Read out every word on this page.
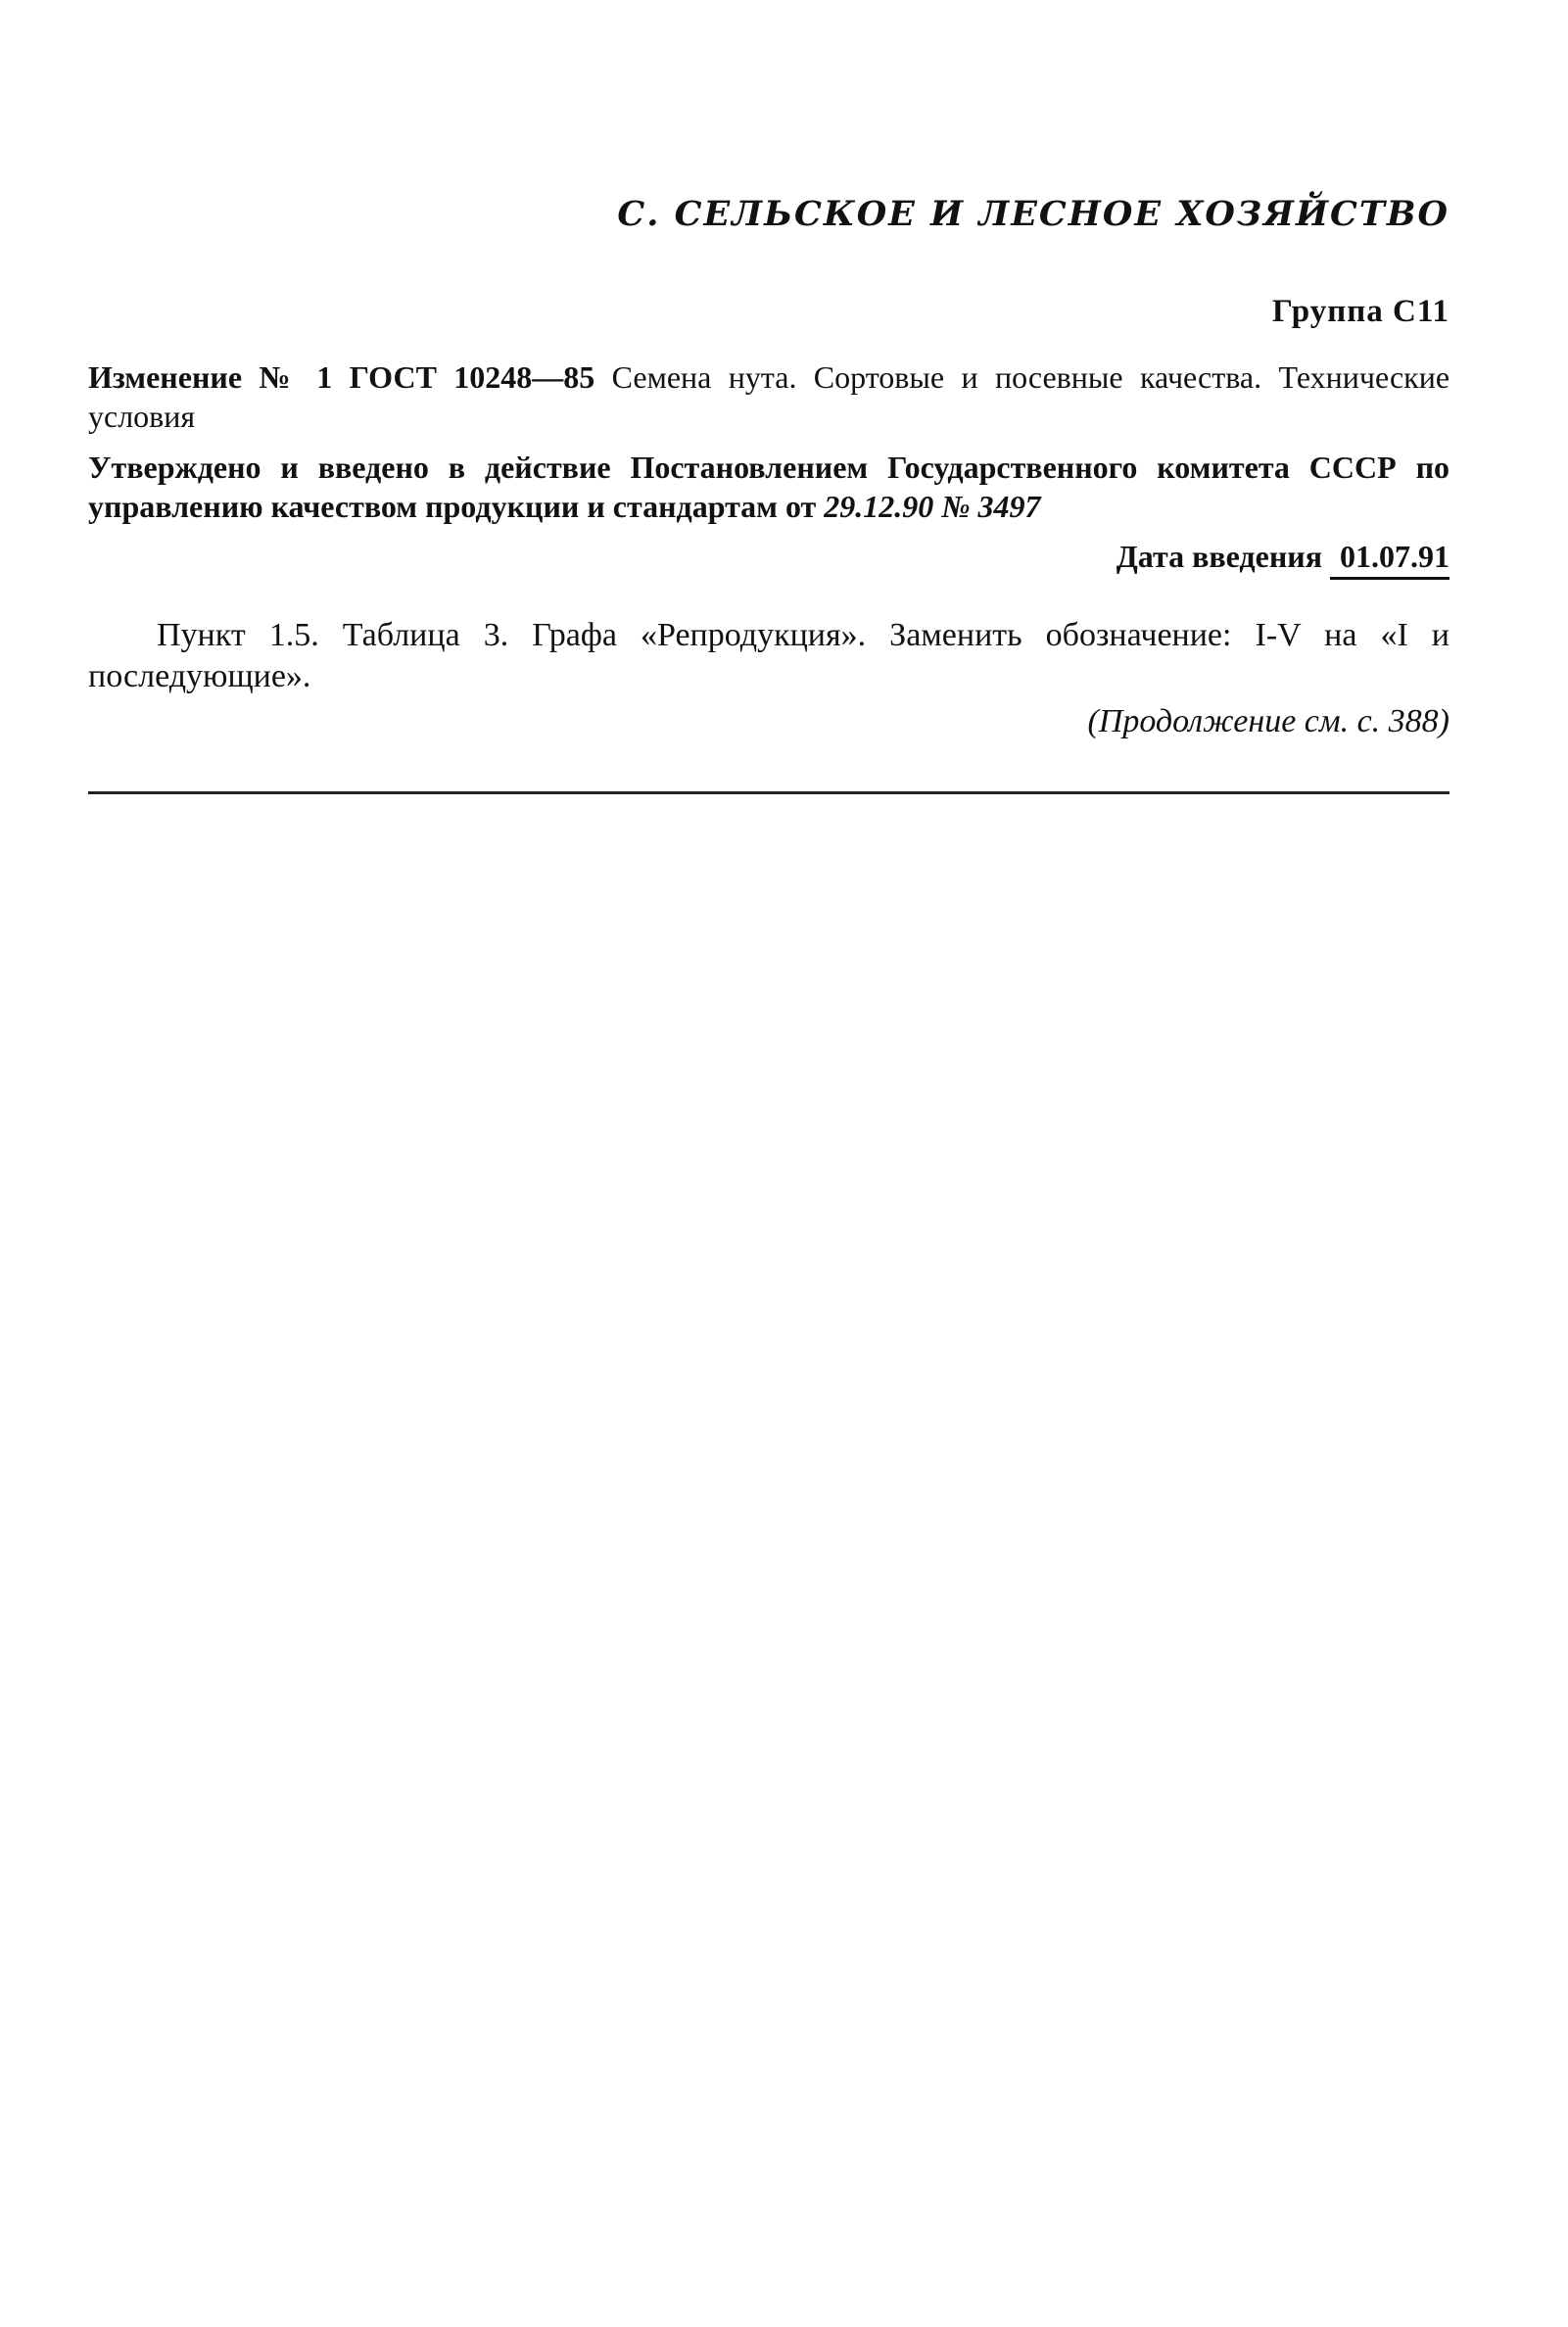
С. СЕЛЬСКОЕ И ЛЕСНОЕ ХОЗЯЙСТВО
Группа С11
Изменение № 1 ГОСТ 10248—85 Семена нута. Сортовые и посевные качества. Технические условия
Утверждено и введено в действие Постановлением Государственного комитета СССР по управлению качеством продукции и стандартам от 29.12.90 № 3497
Дата введения 01.07.91
Пункт 1.5. Таблица 3. Графа «Репродукция». Заменить обозначение: I-V на «I и последующие».
(Продолжение см. с. 388)
